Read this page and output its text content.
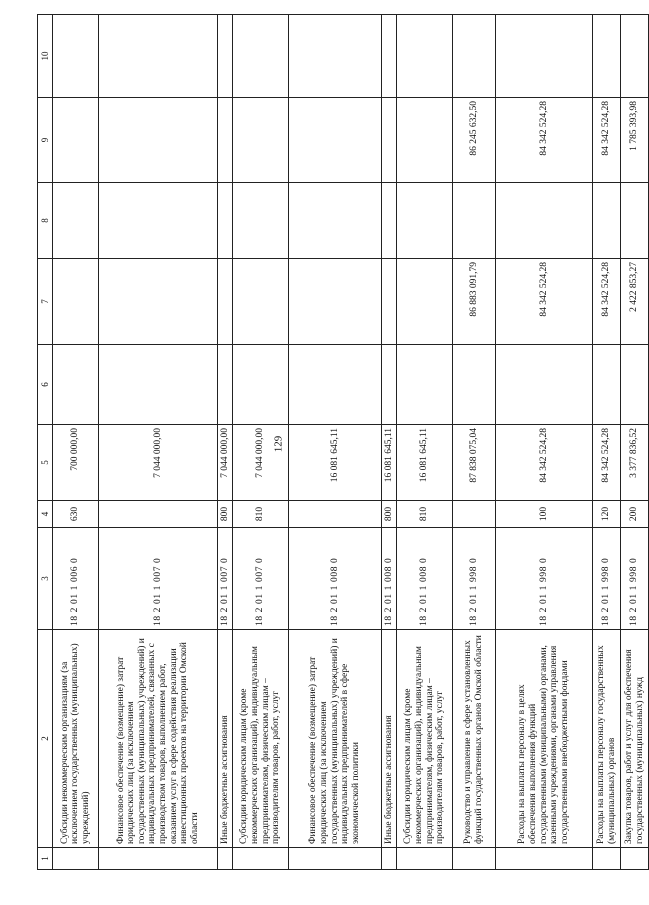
129
1	2	3	4	5	6	7	8	9	10
	Субсидии некоммерческим организациям (за исключением государственных (муниципальных) учреждений)	18 2 01 1 006 0	630	700 000,00					
	Финансовое обеспечение (возмещение) затрат юридических лиц (за исключением государственных (муниципальных) учреждений) и индивидуальных предпринимателей, связанных с производством товаров, выполнением работ, оказанием услуг в сфере содействия реализации инвестиционных проектов на территории Омской области	18 2 01 1 007 0		7 044 000,00					
	Иные бюджетные ассигнования	18 2 01 1 007 0	800	7 044 000,00					
	Субсидии юридическим лицам (кроме некоммерческих организаций), индивидуальным предпринимателям, физическим лицам – производителям товаров, работ, услуг	18 2 01 1 007 0	810	7 044 000,00					
	Финансовое обеспечение (возмещение) затрат юридических лиц (за исключением государственных (муниципальных) учреждений) и индивидуальных предпринимателей в сфере экономической политики	18 2 01 1 008 0		16 081 645,11					
	Иные бюджетные ассигнования	18 2 01 1 008 0	800	16 081 645,11					
	Субсидии юридическим лицам (кроме некоммерческих организаций), индивидуальным предпринимателям, физическим лицам – производителям товаров, работ, услуг	18 2 01 1 008 0	810	16 081 645,11					
	Руководство и управление в сфере установленных функций государственных органов Омской области	18 2 01 1 998 0		87 838 075,04		86 883 091,79		86 245 632,50	
	Расходы на выплаты персоналу в целях обеспечения выполнения функций государственными (муниципальными) органами, казенными учреждениями, органами управления государственными внебюджетными фондами	18 2 01 1 998 0	100	84 342 524,28		84 342 524,28		84 342 524,28	
	Расходы на выплаты персоналу государственных (муниципальных) органов	18 2 01 1 998 0	120	84 342 524,28		84 342 524,28		84 342 524,28	
	Закупка товаров, работ и услуг для обеспечения государственных (муниципальных) нужд	18 2 01 1 998 0	200	3 377 836,52		2 422 853,27		1 785 393,98	
